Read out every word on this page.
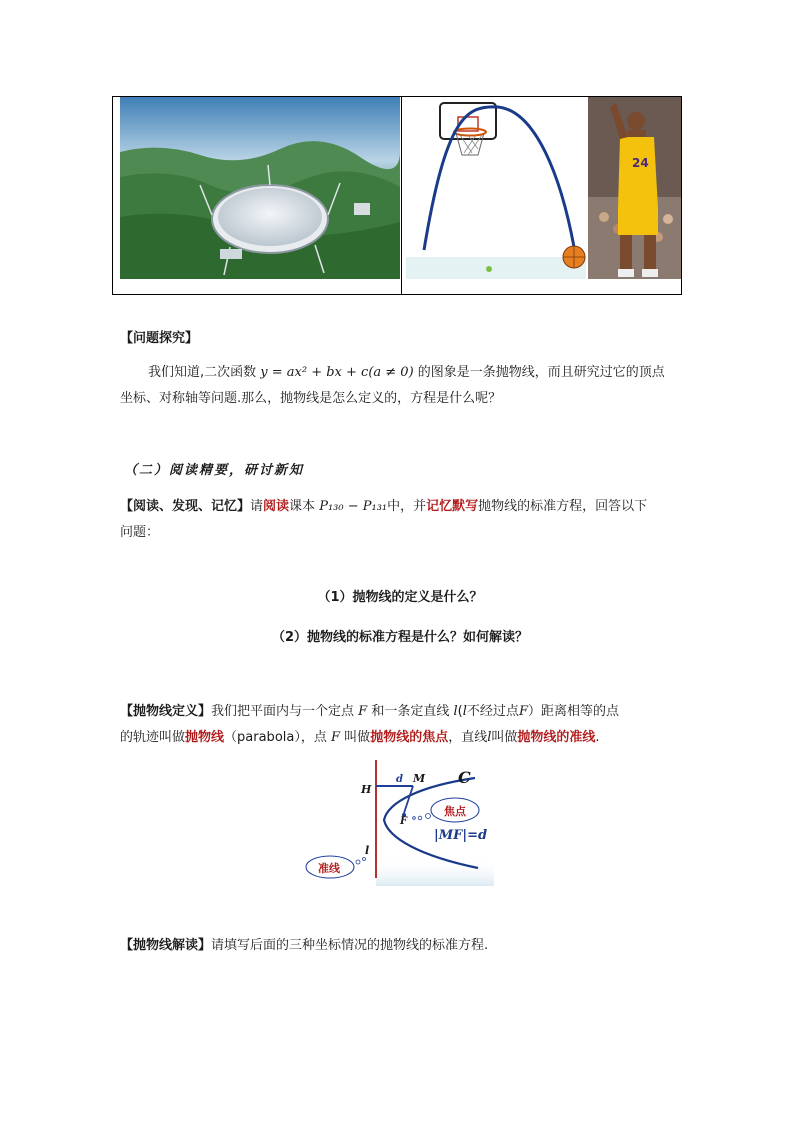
24
【问题探究】
我们知道,二次函数 y = ax² + bx + c(a ≠ 0) 的图象是一条抛物线，而且研究过它的顶点
坐标、对称轴等问题.那么，抛物线是怎么定义的，方程是什么呢？
（二）阅读精要，研讨新知
【阅读、发现、记忆】请阅读课本 P₁₃₀ − P₁₃₁中，并记忆默写抛物线的标准方程，回答以下
问题：
（1）抛物线的定义是什么？
（2）抛物线的标准方程是什么？如何解读？
【抛物线定义】我们把平面内与一个定点 F 和一条定直线 l(l不经过点F）距离相等的点
的轨迹叫做抛物线（parabola），点 F 叫做抛物线的焦点，直线l叫做抛物线的准线.
H
d M C
焦点
F
|MF|=d
l
准线
【抛物线解读】请填写后面的三种坐标情况的抛物线的标准方程.
